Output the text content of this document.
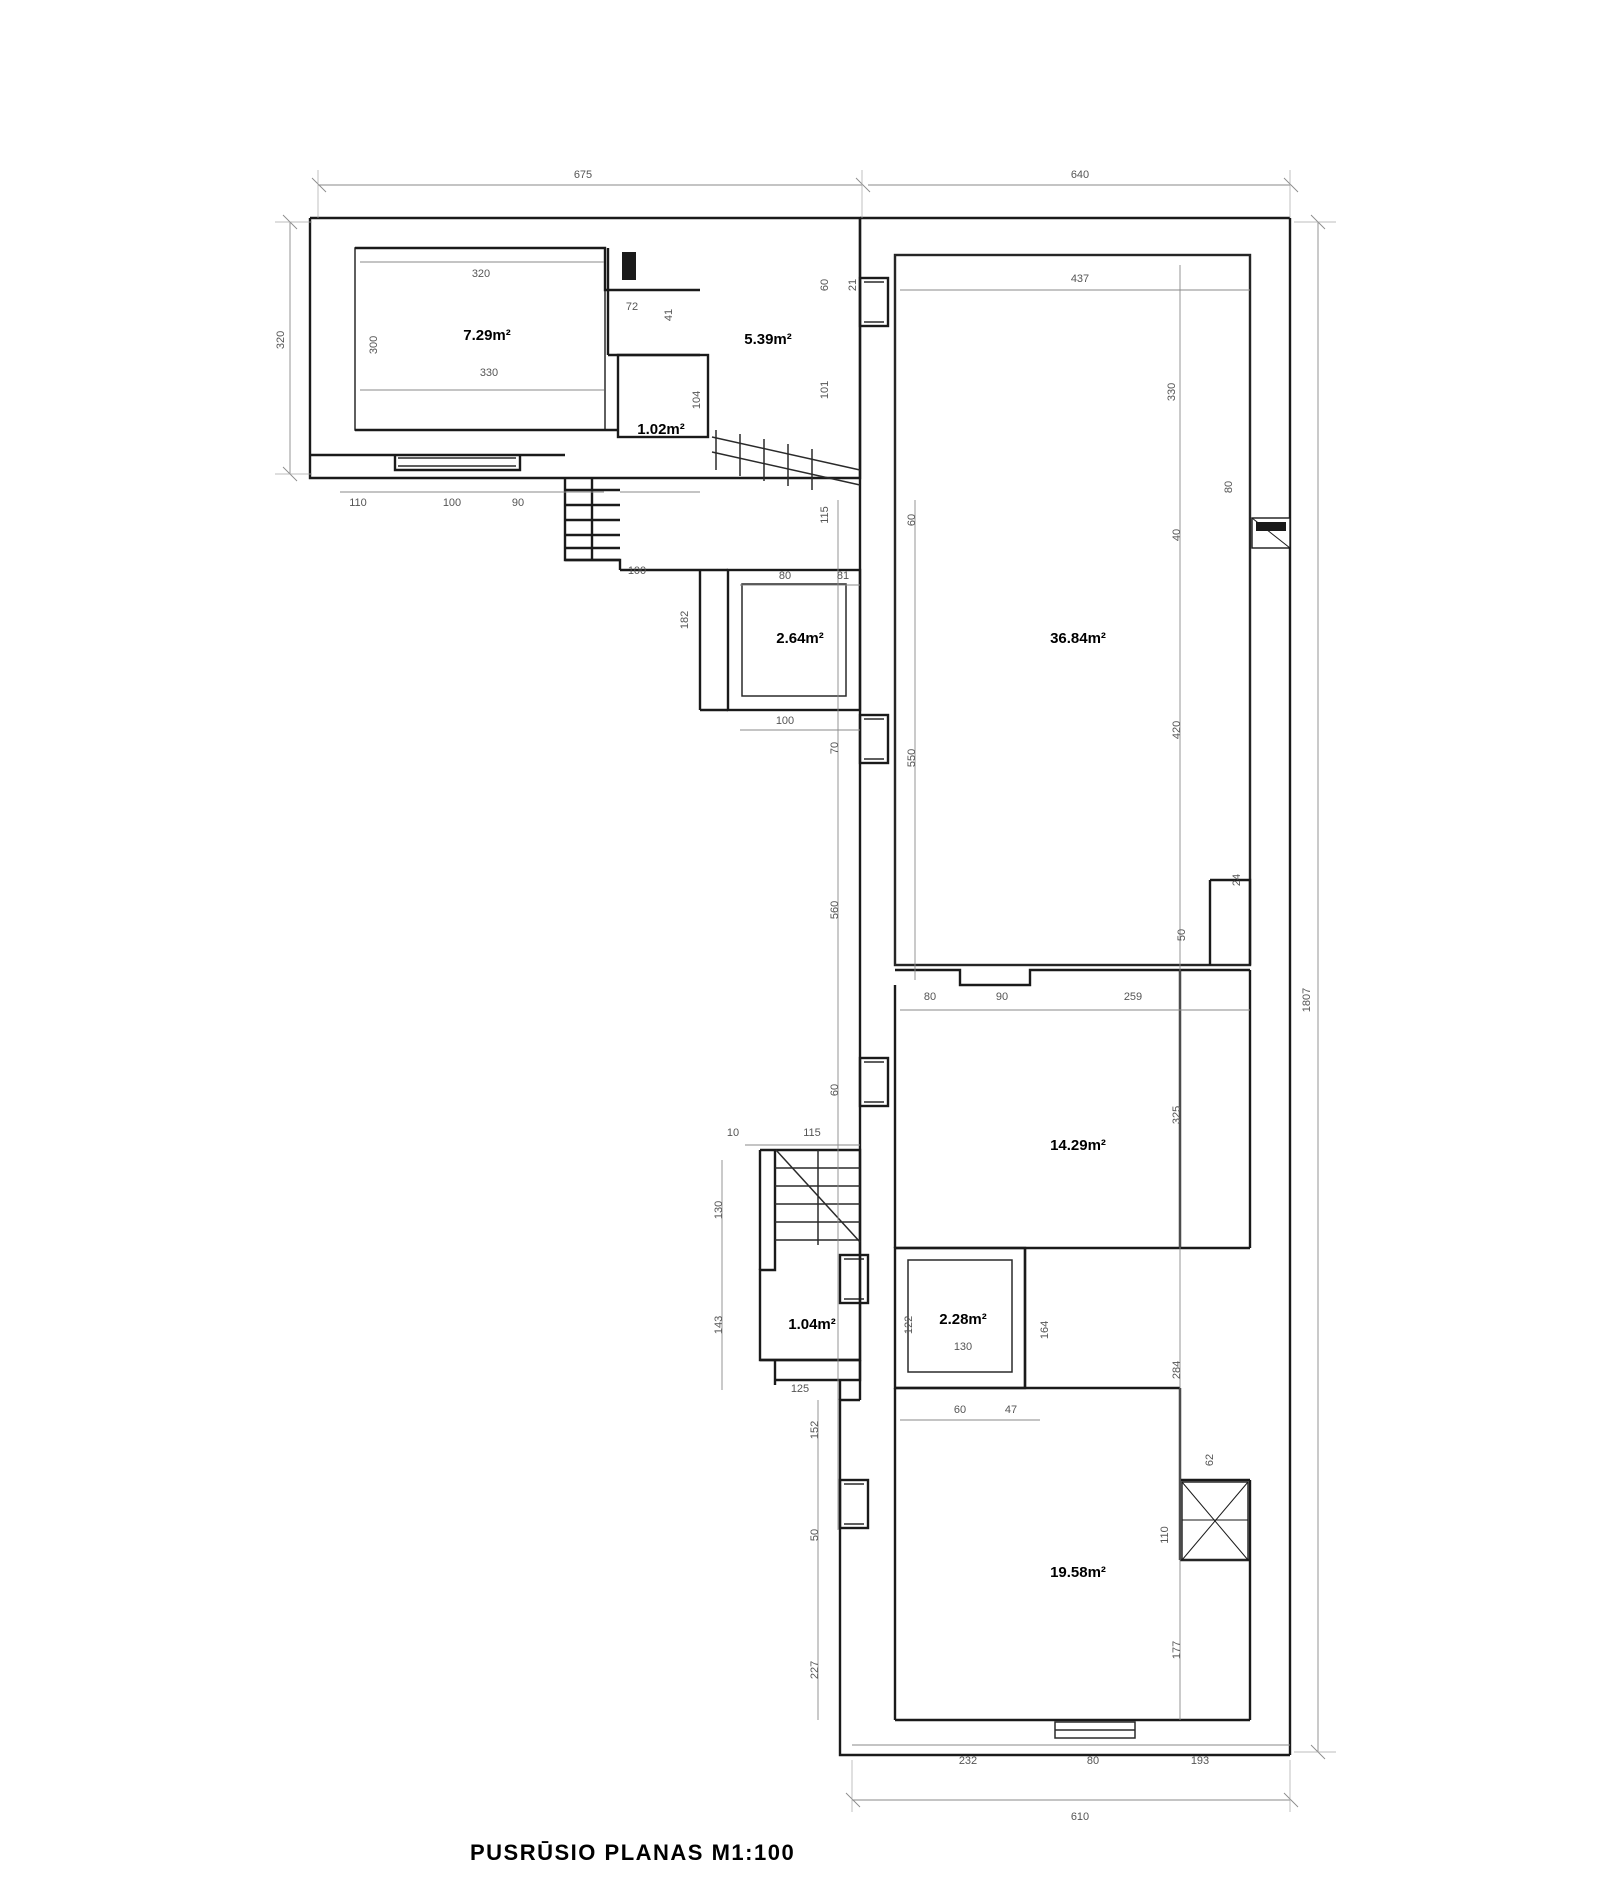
7.29m²	5.39m²
1.02m²
2.64m²	36.84m²
14.29m²
1.04m²	2.28m²
19.58m²
675	640
320
72
330
110	100	90
100
437
80	81
100
80	90	259
10	115
130
60	47
125
232	80	193
610
320	300
41
60 21
101
104
115
182
60
550
70
330
40
80
420
24
50
560
60
325
130
143	122	164
284
152
50
62
110
177
227
1807
PUSRŪSIO PLANAS M1:100
